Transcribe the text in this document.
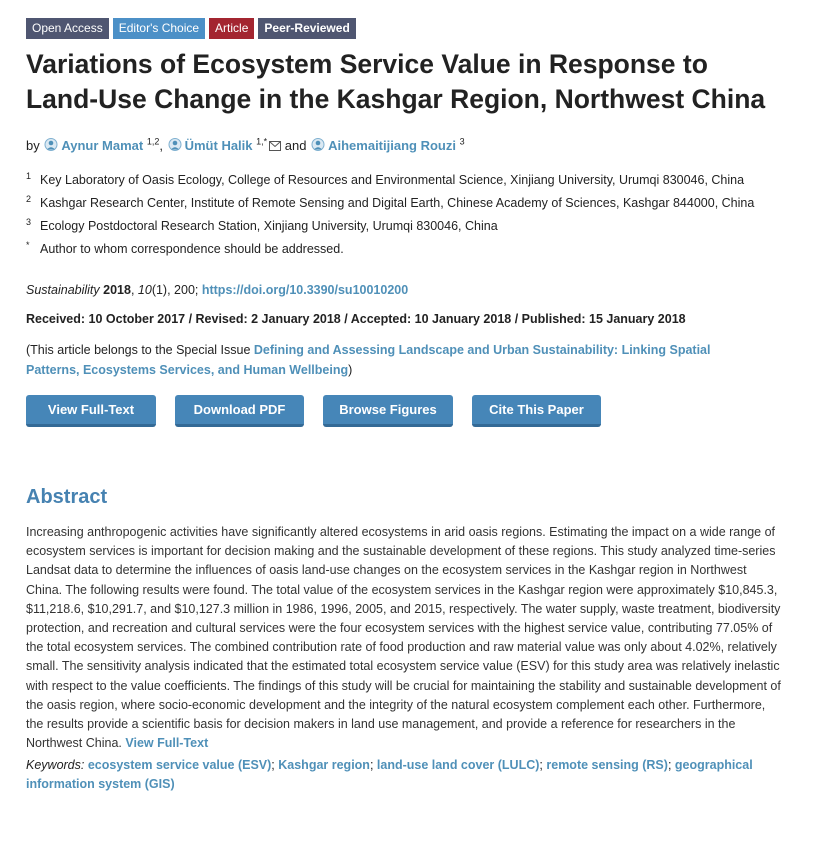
Open Access	Editor's Choice	Article	Peer-Reviewed
Variations of Ecosystem Service Value in Response to Land-Use Change in the Kashgar Region, Northwest China
by Aynur Mamat $^{1,2}$, Ümüt Halik $^{1,*}$ and Aihemaitijiang Rouzi $^3$
1 Key Laboratory of Oasis Ecology, College of Resources and Environmental Science, Xinjiang University, Urumqi 830046, China
2 Kashgar Research Center, Institute of Remote Sensing and Digital Earth, Chinese Academy of Sciences, Kashgar 844000, China
3 Ecology Postdoctoral Research Station, Xinjiang University, Urumqi 830046, China
* Author to whom correspondence should be addressed.
Sustainability 2018, 10(1), 200; https://doi.org/10.3390/su10010200
Received: 10 October 2017 / Revised: 2 January 2018 / Accepted: 10 January 2018 / Published: 15 January 2018
(This article belongs to the Special Issue Defining and Assessing Landscape and Urban Sustainability: Linking Spatial Patterns, Ecosystems Services, and Human Wellbeing)
View Full-Text	Download PDF	Browse Figures	Cite This Paper
Abstract
Increasing anthropogenic activities have significantly altered ecosystems in arid oasis regions. Estimating the impact on a wide range of ecosystem services is important for decision making and the sustainable development of these regions. This study analyzed time-series Landsat data to determine the influences of oasis land-use changes on the ecosystem services in the Kashgar region in Northwest China. The following results were found. The total value of the ecosystem services in the Kashgar region were approximately $10,845.3, $11,218.6, $10,291.7, and $10,127.3 million in 1986, 1996, 2005, and 2015, respectively. The water supply, waste treatment, biodiversity protection, and recreation and cultural services were the four ecosystem services with the highest service value, contributing 77.05% of the total ecosystem services. The combined contribution rate of food production and raw material value was only about 4.02%, relatively small. The sensitivity analysis indicated that the estimated total ecosystem service value (ESV) for this study area was relatively inelastic with respect to the value coefficients. The findings of this study will be crucial for maintaining the stability and sustainable development of the oasis region, where socio-economic development and the integrity of the natural ecosystem complement each other. Furthermore, the results provide a scientific basis for decision makers in land use management, and provide a reference for researchers in the Northwest China. View Full-Text
Keywords: ecosystem service value (ESV); Kashgar region; land-use land cover (LULC); remote sensing (RS); geographical information system (GIS)
